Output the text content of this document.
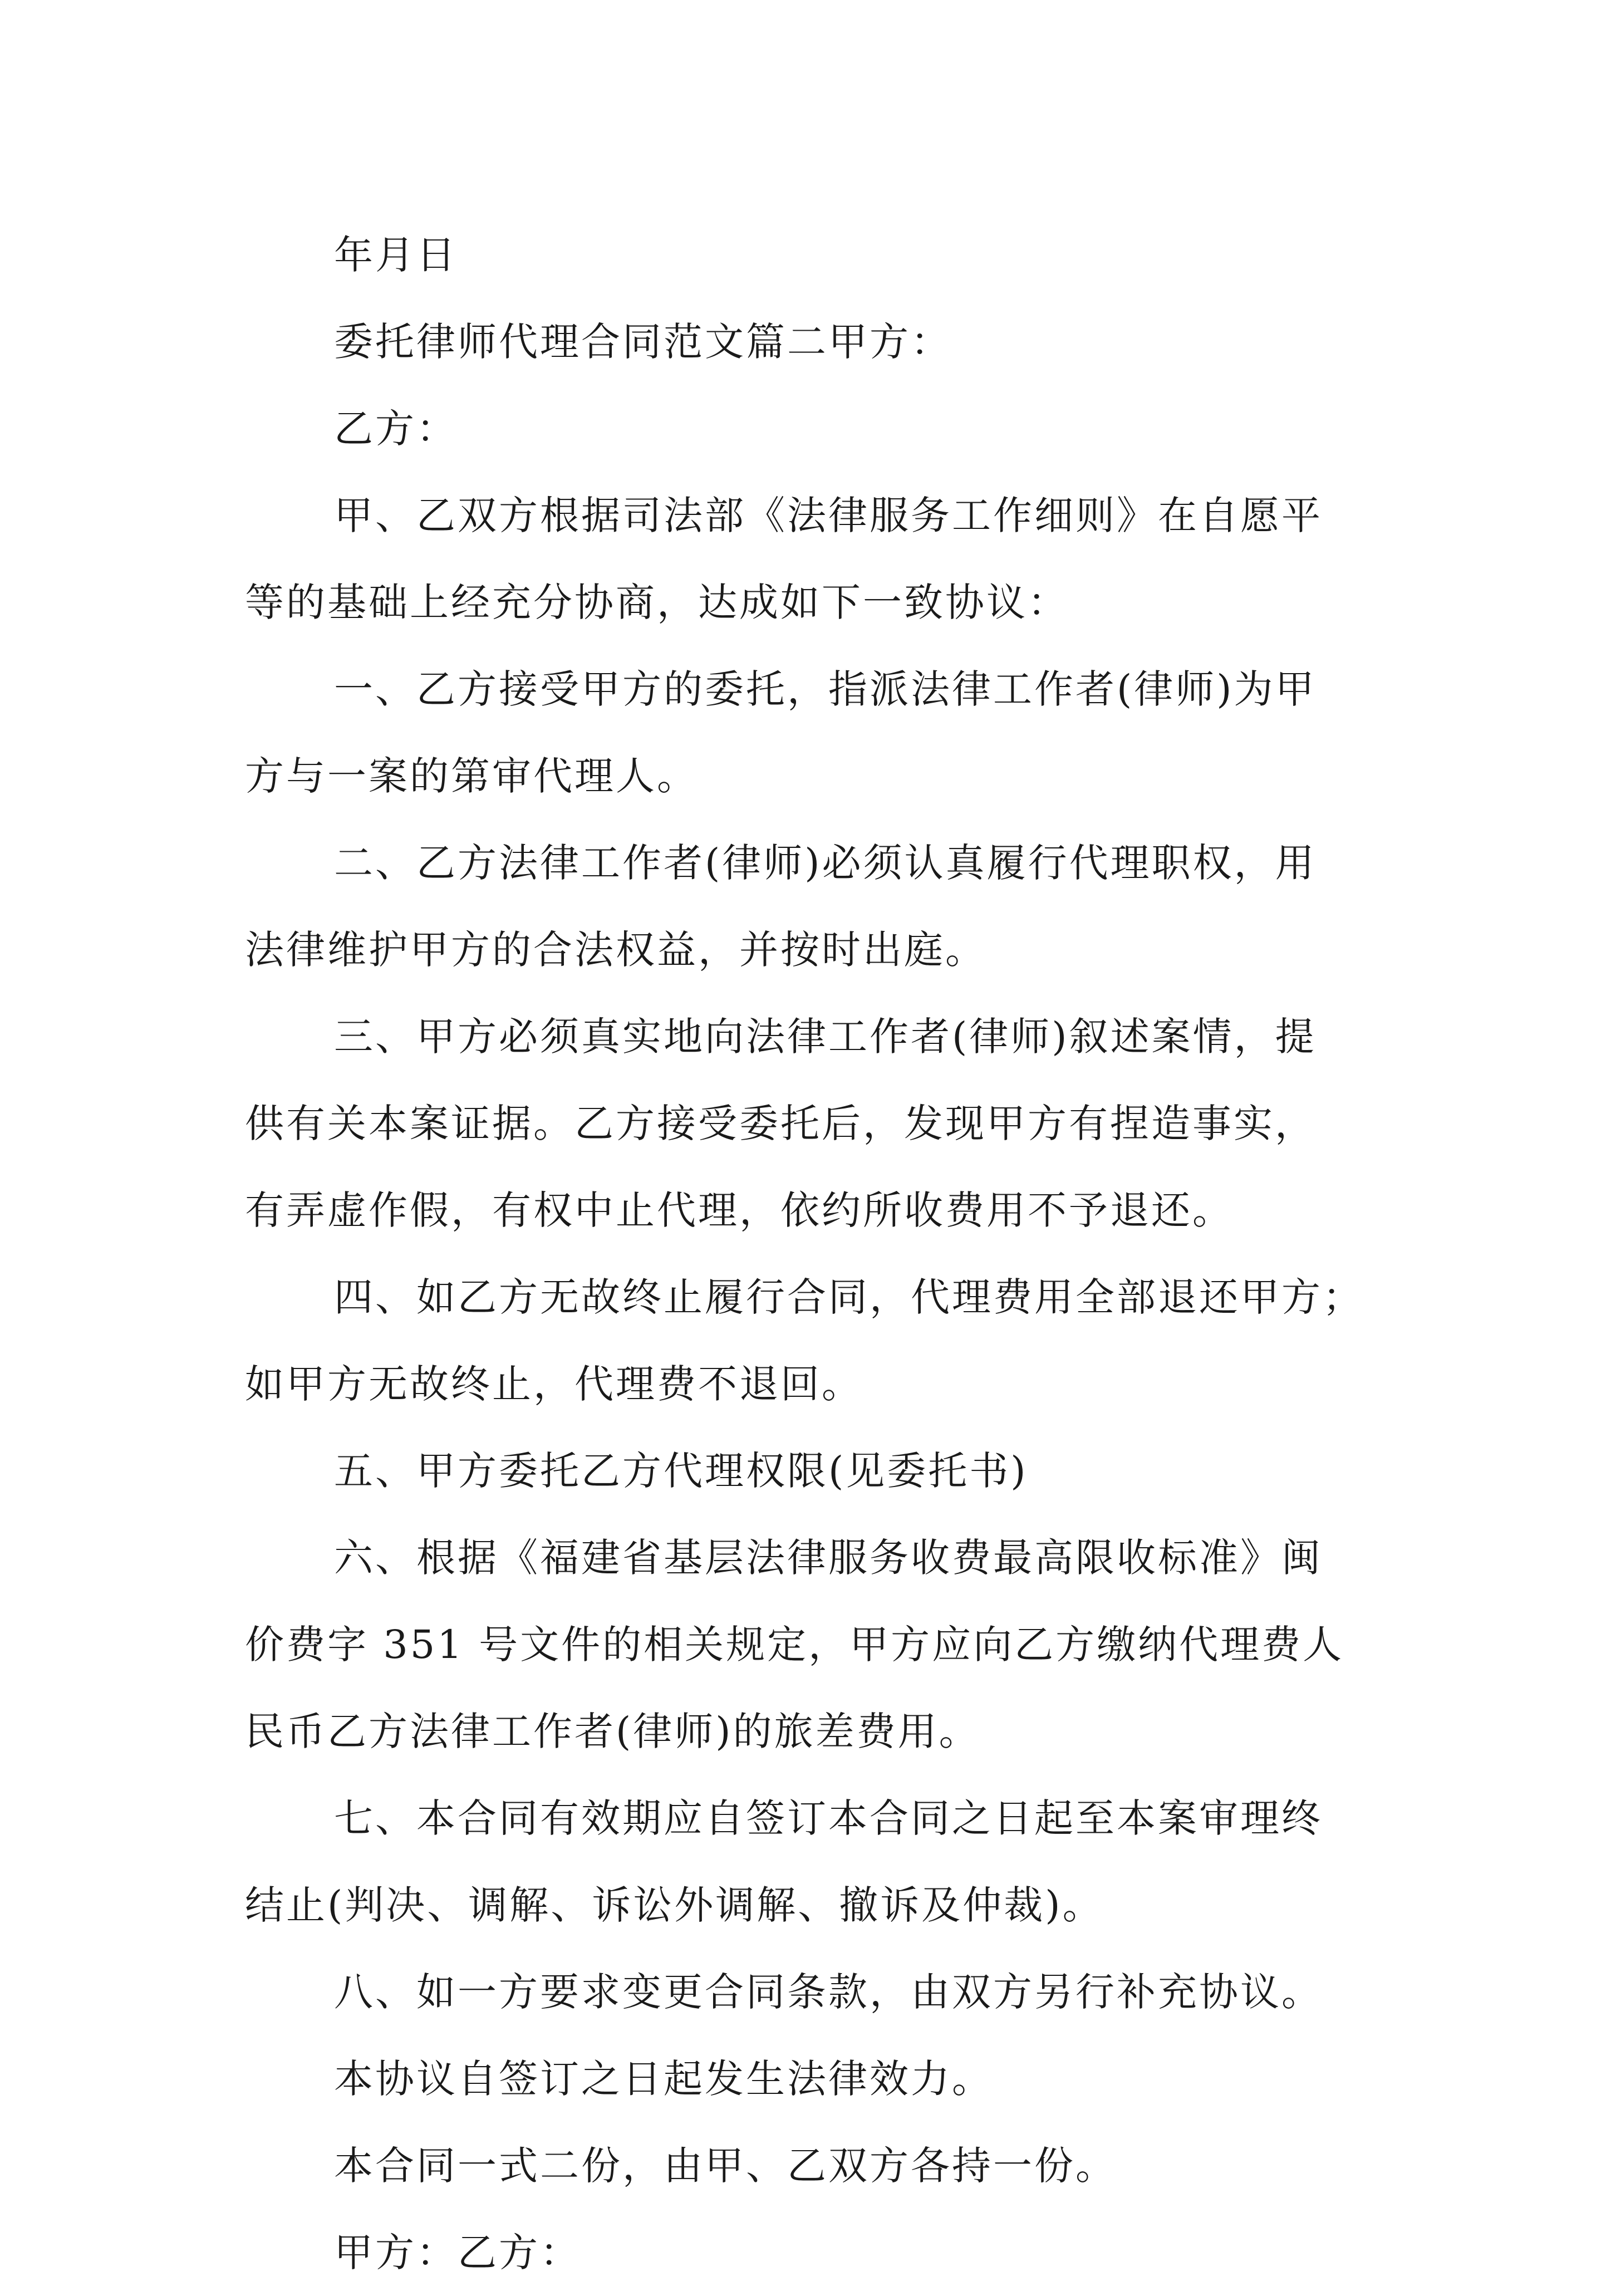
年月日
委托律师代理合同范文篇二甲方：
乙方：
甲、乙双方根据司法部《法律服务工作细则》在自愿平
等的基础上经充分协商，达成如下一致协议：
一、乙方接受甲方的委托，指派法律工作者(律师)为甲
方与一案的第审代理人。
二、乙方法律工作者(律师)必须认真履行代理职权，用
法律维护甲方的合法权益，并按时出庭。
三、甲方必须真实地向法律工作者(律师)叙述案情，提
供有关本案证据。乙方接受委托后，发现甲方有捏造事实，
有弄虚作假，有权中止代理，依约所收费用不予退还。
四、如乙方无故终止履行合同，代理费用全部退还甲方；
如甲方无故终止，代理费不退回。
五、甲方委托乙方代理权限(见委托书)
六、根据《福建省基层法律服务收费最高限收标准》闽
价费字 351 号文件的相关规定，甲方应向乙方缴纳代理费人
民币乙方法律工作者(律师)的旅差费用。
七、本合同有效期应自签订本合同之日起至本案审理终
结止(判决、调解、诉讼外调解、撤诉及仲裁)。
八、如一方要求变更合同条款，由双方另行补充协议。
本协议自签订之日起发生法律效力。
本合同一式二份，由甲、乙双方各持一份。
甲方：乙方：
